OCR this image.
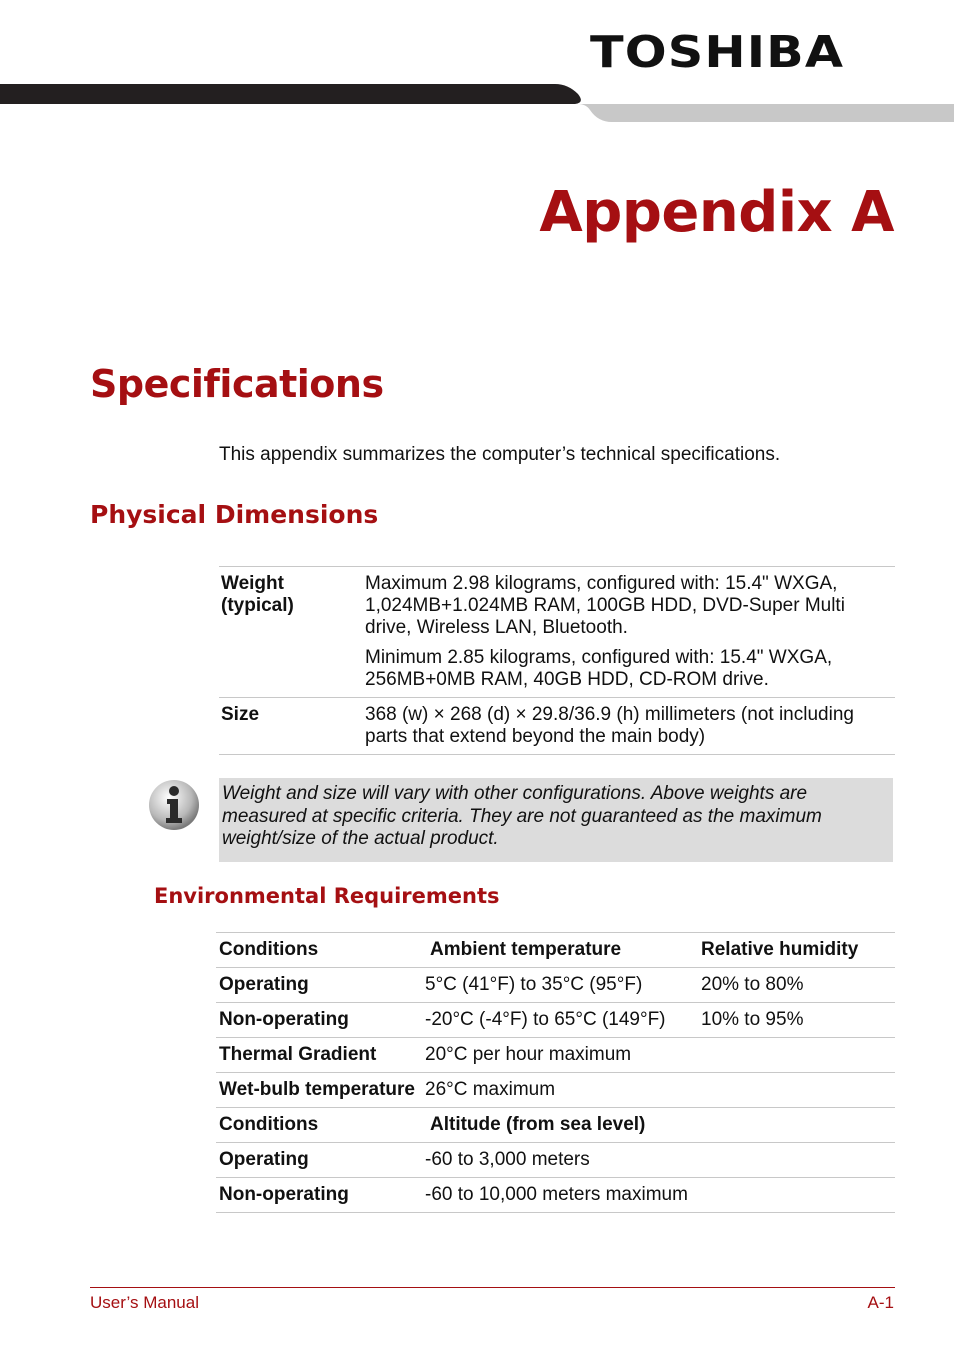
TOSHIBA
Appendix A
Specifications
This appendix summarizes the computer’s technical specifications.
Physical Dimensions
Weight (typical)	Maximum 2.98 kilograms, configured with: 15.4" WXGA, 1,024MB+1.024MB RAM, 100GB HDD, DVD-Super Multi drive, Wireless LAN, Bluetooth.

Minimum 2.85 kilograms, configured with: 15.4" WXGA, 256MB+0MB RAM, 40GB HDD, CD-ROM drive.

Size	368 (w) × 268 (d) × 29.8/36.9 (h) millimeters (not including parts that extend beyond the main body)

Weight and size will vary with other configurations. Above weights are measured at specific criteria. They are not guaranteed as the maximum weight/size of the actual product.
Environmental Requirements
Conditions	Ambient temperature	Relative humidity
Operating	5°C (41°F) to 35°C (95°F)	20% to 80%
Non-operating	-20°C (-4°F) to 65°C (149°F)	10% to 95%
Thermal Gradient	20°C per hour maximum	
Wet-bulb temperature	26°C maximum	
Conditions	Altitude (from sea level)	
Operating	-60 to 3,000 meters	
Non-operating	-60 to 10,000 meters maximum	
User’s Manual	A-1
